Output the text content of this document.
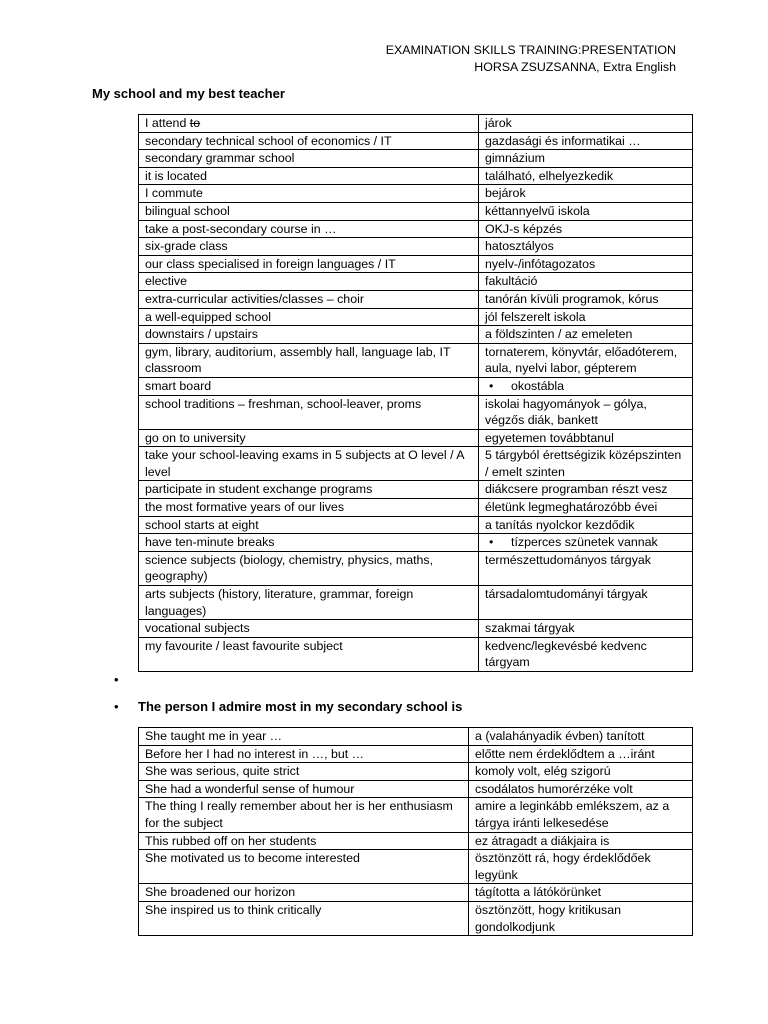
EXAMINATION SKILLS TRAINING:PRESENTATION
HORSA ZSUZSANNA, Extra English
My school and my best teacher
I attend to	járok
secondary technical school of economics / IT	gazdasági és informatikai …
secondary grammar school	gimnázium
it is located	található, elhelyezkedik
I commute	bejárok
bilingual school	kéttannyelvű iskola
take a post-secondary course in …	OKJ-s képzés
six-grade class	hatosztályos
our class specialised in foreign languages / IT	nyelv-/infótagozatos
elective	fakultáció
extra-curricular activities/classes – choir	tanórán kívüli programok, kórus
a well-equipped school	jól felszerelt iskola
downstairs / upstairs	a földszinten / az emeleten
gym, library, auditorium, assembly hall, language lab, IT classroom	tornaterem, könyvtár, előadóterem, aula, nyelvi labor, gépterem
smart board	• okostábla
school traditions – freshman, school-leaver, proms	iskolai hagyományok – gólya, végzős diák, bankett
go on to university	egyetemen továbbtanul
take your school-leaving exams in 5 subjects at O level / A level	5 tárgyból érettségizik középszinten / emelt szinten
participate in student exchange programs	diákcsere programban részt vesz
the most formative years of our lives	életünk legmeghatározóbb évei
school starts at eight	a tanítás nyolckor kezdődik
have ten-minute breaks	• tízperces szünetek vannak
science subjects (biology, chemistry, physics, maths, geography)	természettudományos tárgyak
arts subjects (history, literature, grammar, foreign languages)	társadalomtudományi tárgyak
vocational subjects	szakmai tárgyak
my favourite / least favourite subject	kedvenc/legkevésbé kedvenc tárgyam
•
• The person I admire most in my secondary school is
She taught me in year …	a (valahányadik évben) tanított
Before her I had no interest in …, but …	előtte nem érdeklődtem a …iránt
She was serious, quite strict	komoly volt, elég szigorú
She had a wonderful sense of humour	csodálatos humorérzéke volt
The thing I really remember about her is her enthusiasm for the subject	amire a leginkább emlékszem, az a tárgya iránti lelkesedése
This rubbed off on her students	ez átragadt a diákjaira is
She motivated us to become interested	ösztönzött rá, hogy érdeklődőek legyünk
She broadened our horizon	tágította a látókörünket
She inspired us to think critically	ösztönzött, hogy kritikusan gondolkodjunk
